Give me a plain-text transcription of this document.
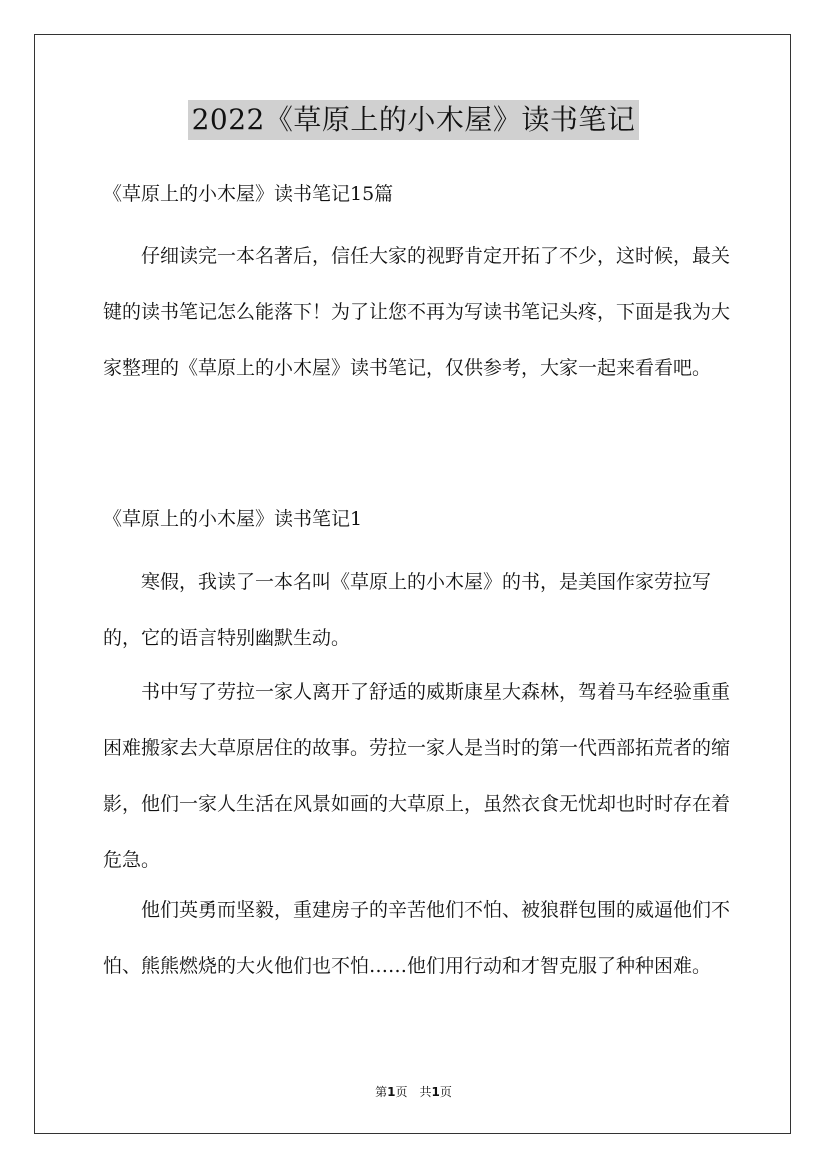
2022《草原上的小木屋》读书笔记
《草原上的小木屋》读书笔记15篇
仔细读完一本名著后，信任大家的视野肯定开拓了不少，这时候，最关键的读书笔记怎么能落下！为了让您不再为写读书笔记头疼，下面是我为大家整理的《草原上的小木屋》读书笔记，仅供参考，大家一起来看看吧。
《草原上的小木屋》读书笔记1
寒假，我读了一本名叫《草原上的小木屋》的书，是美国作家劳拉写的，它的语言特别幽默生动。
书中写了劳拉一家人离开了舒适的威斯康星大森林，驾着马车经验重重困难搬家去大草原居住的故事。劳拉一家人是当时的第一代西部拓荒者的缩影，他们一家人生活在风景如画的大草原上，虽然衣食无忧却也时时存在着危急。
他们英勇而坚毅，重建房子的辛苦他们不怕、被狼群包围的威逼他们不怕、熊熊燃烧的大火他们也不怕……他们用行动和才智克服了种种困难。
第1页　共1页
